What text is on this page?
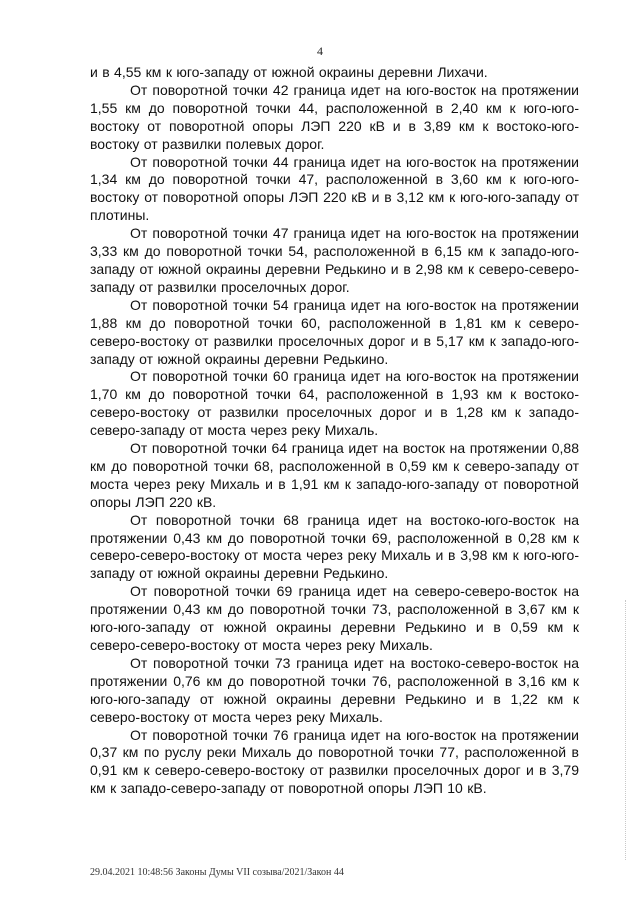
4

и в 4,55 км к юго-западу от южной окраины деревни Лихачи.

От поворотной точки 42 граница идет на юго-восток на протяжении 1,55 км до поворотной точки 44, расположенной в 2,40 км к юго-юго-востоку от поворотной опоры ЛЭП 220 кВ и в 3,89 км к востоко-юго-востоку от развилки полевых дорог.

От поворотной точки 44 граница идет на юго-восток на протяжении 1,34 км до поворотной точки 47, расположенной в 3,60 км к юго-юго-востоку от поворотной опоры ЛЭП 220 кВ и в 3,12 км к юго-юго-западу от плотины.

От поворотной точки 47 граница идет на юго-восток на протяжении 3,33 км до поворотной точки 54, расположенной в 6,15 км к западо-юго-западу от южной окраины деревни Редькино и в 2,98 км к северо-северо-западу от развилки проселочных дорог.

От поворотной точки 54 граница идет на юго-восток на протяжении 1,88 км до поворотной точки 60, расположенной в 1,81 км к северо-северо-востоку от развилки проселочных дорог и в 5,17 км к западо-юго-западу от южной окраины деревни Редькино.

От поворотной точки 60 граница идет на юго-восток на протяжении 1,70 км до поворотной точки 64, расположенной в 1,93 км к востоко-северо-востоку от развилки проселочных дорог и в 1,28 км к западо-северо-западу от моста через реку Михаль.

От поворотной точки 64 граница идет на восток на протяжении 0,88 км до поворотной точки 68, расположенной в 0,59 км к северо-западу от моста через реку Михаль и в 1,91 км к западо-юго-западу от поворотной опоры ЛЭП 220 кВ.

От поворотной точки 68 граница идет на востоко-юго-восток на протяжении 0,43 км до поворотной точки 69, расположенной в 0,28 км к северо-северо-востоку от моста через реку Михаль и в 3,98 км к юго-юго-западу от южной окраины деревни Редькино.

От поворотной точки 69 граница идет на северо-северо-восток на протяжении 0,43 км до поворотной точки 73, расположенной в 3,67 км к юго-юго-западу от южной окраины деревни Редькино и в 0,59 км к северо-северо-востоку от моста через реку Михаль.

От поворотной точки 73 граница идет на востоко-северо-восток на протяжении 0,76 км до поворотной точки 76, расположенной в 3,16 км к юго-юго-западу от южной окраины деревни Редькино и в 1,22 км к северо-востоку от моста через реку Михаль.

От поворотной точки 76 граница идет на юго-восток на протяжении 0,37 км по руслу реки Михаль до поворотной точки 77, расположенной в 0,91 км к северо-северо-востоку от развилки проселочных дорог и в 3,79 км к западо-северо-западу от поворотной опоры ЛЭП 10 кВ.

29.04.2021 10:48:56 Законы Думы VII созыва/2021/Закон 44
